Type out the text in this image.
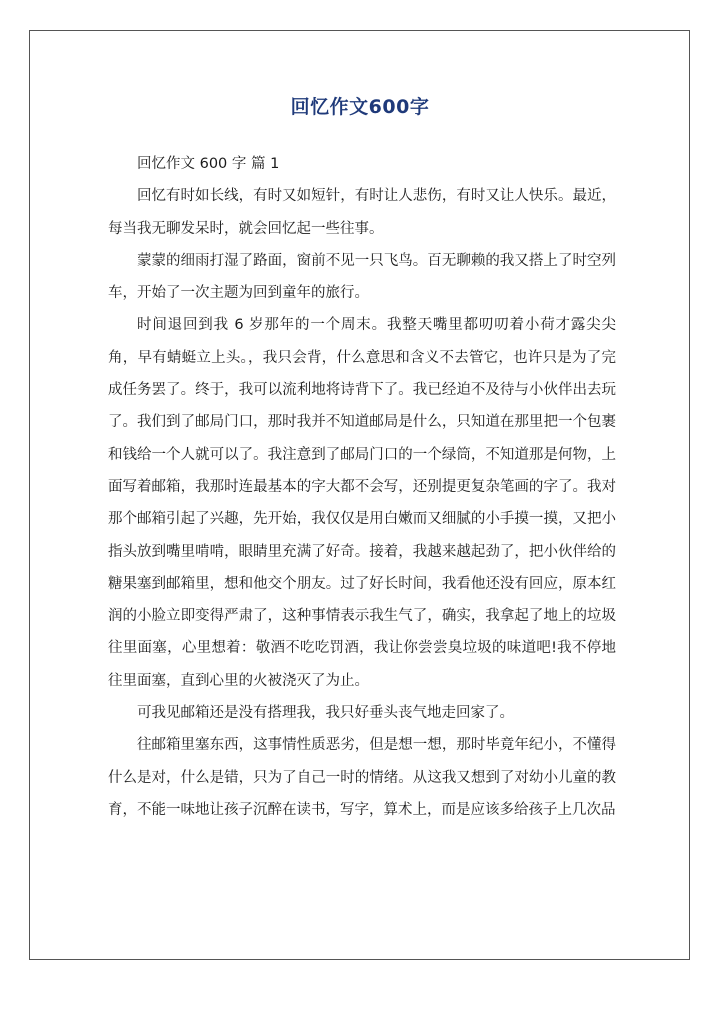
回忆作文600字

回忆作文 600 字 篇 1

回忆有时如长线，有时又如短针，有时让人悲伤，有时又让人快乐。最近，每当我无聊发呆时，就会回忆起一些往事。

蒙蒙的细雨打湿了路面，窗前不见一只飞鸟。百无聊赖的我又搭上了时空列车，开始了一次主题为回到童年的旅行。

时间退回到我 6 岁那年的一个周末。我整天嘴里都叨叨着小荷才露尖尖角，早有蜻蜓立上头。，我只会背，什么意思和含义不去管它，也许只是为了完成任务罢了。终于，我可以流利地将诗背下了。我已经迫不及待与小伙伴出去玩了。我们到了邮局门口，那时我并不知道邮局是什么，只知道在那里把一个包裹和钱给一个人就可以了。我注意到了邮局门口的一个绿筒，不知道那是何物，上面写着邮箱，我那时连最基本的字大都不会写，还别提更复杂笔画的字了。我对那个邮箱引起了兴趣，先开始，我仅仅是用白嫩而又细腻的小手摸一摸，又把小指头放到嘴里啃啃，眼睛里充满了好奇。接着，我越来越起劲了，把小伙伴给的糖果塞到邮箱里，想和他交个朋友。过了好长时间，我看他还没有回应，原本红润的小脸立即变得严肃了，这种事情表示我生气了，确实，我拿起了地上的垃圾往里面塞，心里想着：敬酒不吃吃罚酒，我让你尝尝臭垃圾的味道吧!我不停地往里面塞，直到心里的火被浇灭了为止。

可我见邮箱还是没有搭理我，我只好垂头丧气地走回家了。

往邮箱里塞东西，这事情性质恶劣，但是想一想，那时毕竟年纪小，不懂得什么是对，什么是错，只为了自己一时的情绪。从这我又想到了对幼小儿童的教育，不能一味地让孩子沉醉在读书，写字，算术上，而是应该多给孩子上几次品
